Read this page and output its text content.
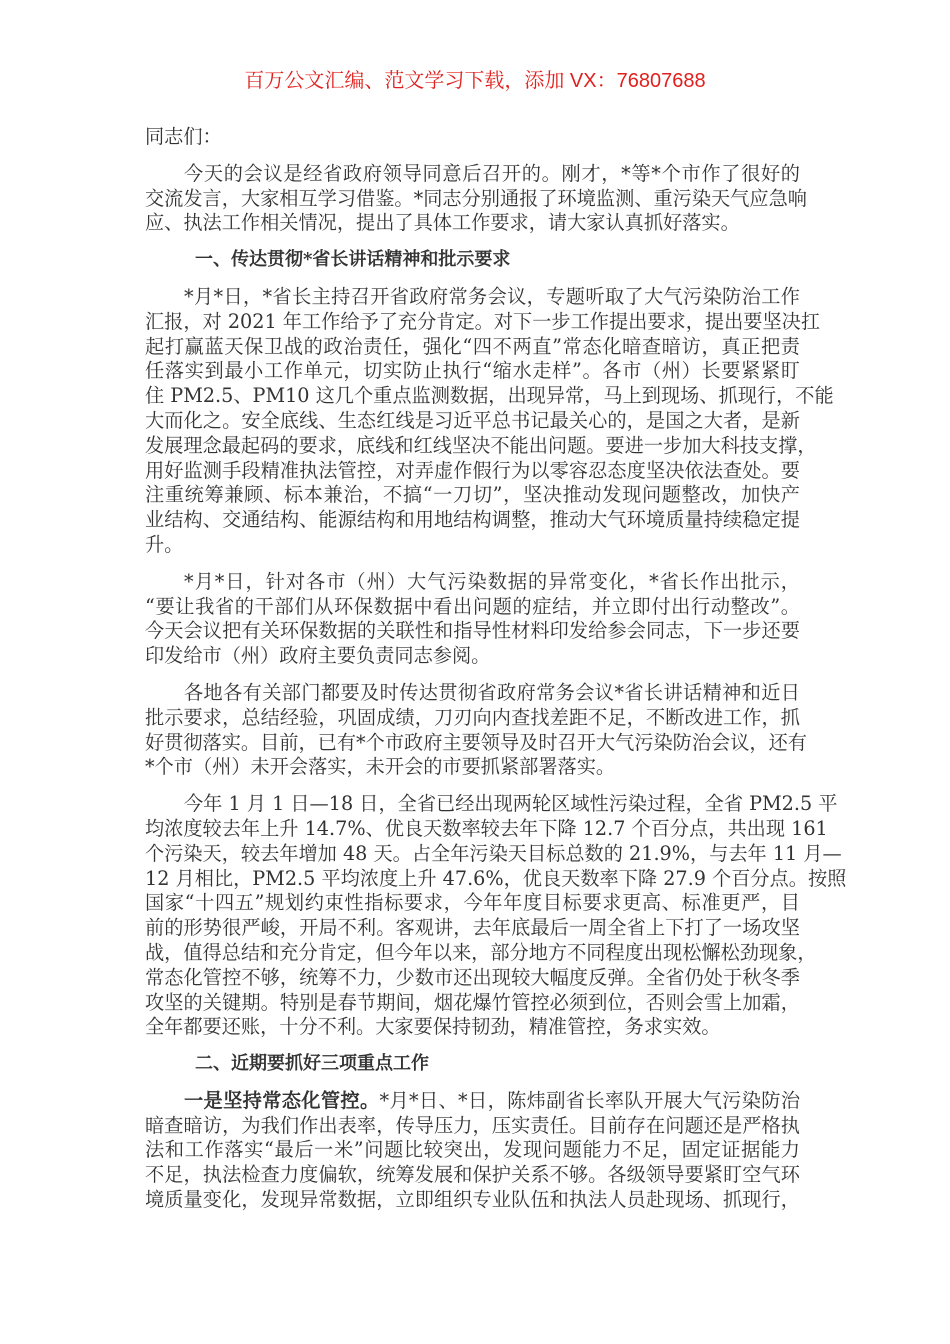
百万公文汇编、范文学习下载，添加 VX：76807688
同志们：
今天的会议是经省政府领导同意后召开的。刚才，*等*个市作了很好的
交流发言，大家相互学习借鉴。*同志分别通报了环境监测、重污染天气应急响
应、执法工作相关情况，提出了具体工作要求，请大家认真抓好落实。
一、传达贯彻*省长讲话精神和批示要求
*月*日，*省长主持召开省政府常务会议，专题听取了大气污染防治工作
汇报，对 2021 年工作给予了充分肯定。对下一步工作提出要求，提出要坚决扛
起打赢蓝天保卫战的政治责任，强化“四不两直”常态化暗查暗访，真正把责
任落实到最小工作单元，切实防止执行“缩水走样”。各市（州）长要紧紧盯
住 PM2.5、PM10 这几个重点监测数据，出现异常，马上到现场、抓现行，不能
大而化之。安全底线、生态红线是习近平总书记最关心的，是国之大者，是新
发展理念最起码的要求，底线和红线坚决不能出问题。要进一步加大科技支撑，
用好监测手段精准执法管控，对弄虚作假行为以零容忍态度坚决依法查处。要
注重统筹兼顾、标本兼治，不搞“一刀切”，坚决推动发现问题整改，加快产
业结构、交通结构、能源结构和用地结构调整，推动大气环境质量持续稳定提
升。
*月*日，针对各市（州）大气污染数据的异常变化，*省长作出批示，
“要让我省的干部们从环保数据中看出问题的症结，并立即付出行动整改”。
今天会议把有关环保数据的关联性和指导性材料印发给参会同志，下一步还要
印发给市（州）政府主要负责同志参阅。
各地各有关部门都要及时传达贯彻省政府常务会议*省长讲话精神和近日
批示要求，总结经验，巩固成绩，刀刃向内查找差距不足，不断改进工作，抓
好贯彻落实。目前，已有*个市政府主要领导及时召开大气污染防治会议，还有
*个市（州）未开会落实，未开会的市要抓紧部署落实。
今年 1 月 1 日—18 日，全省已经出现两轮区域性污染过程，全省 PM2.5 平
均浓度较去年上升 14.7%、优良天数率较去年下降 12.7 个百分点，共出现 161
个污染天，较去年增加 48 天。占全年污染天目标总数的 21.9%，与去年 11 月—
12 月相比，PM2.5 平均浓度上升 47.6%，优良天数率下降 27.9 个百分点。按照
国家“十四五”规划约束性指标要求，今年年度目标要求更高、标准更严，目
前的形势很严峻，开局不利。客观讲，去年底最后一周全省上下打了一场攻坚
战，值得总结和充分肯定，但今年以来，部分地方不同程度出现松懈松劲现象，
常态化管控不够，统筹不力，少数市还出现较大幅度反弹。全省仍处于秋冬季
攻坚的关键期。特别是春节期间，烟花爆竹管控必须到位，否则会雪上加霜，
全年都要还账，十分不利。大家要保持韧劲，精准管控，务求实效。
二、近期要抓好三项重点工作
一是坚持常态化管控。*月*日、*日，陈炜副省长率队开展大气污染防治
暗查暗访，为我们作出表率，传导压力，压实责任。目前存在问题还是严格执
法和工作落实“最后一米”问题比较突出，发现问题能力不足，固定证据能力
不足，执法检查力度偏软，统筹发展和保护关系不够。各级领导要紧盯空气环
境质量变化，发现异常数据，立即组织专业队伍和执法人员赴现场、抓现行，
